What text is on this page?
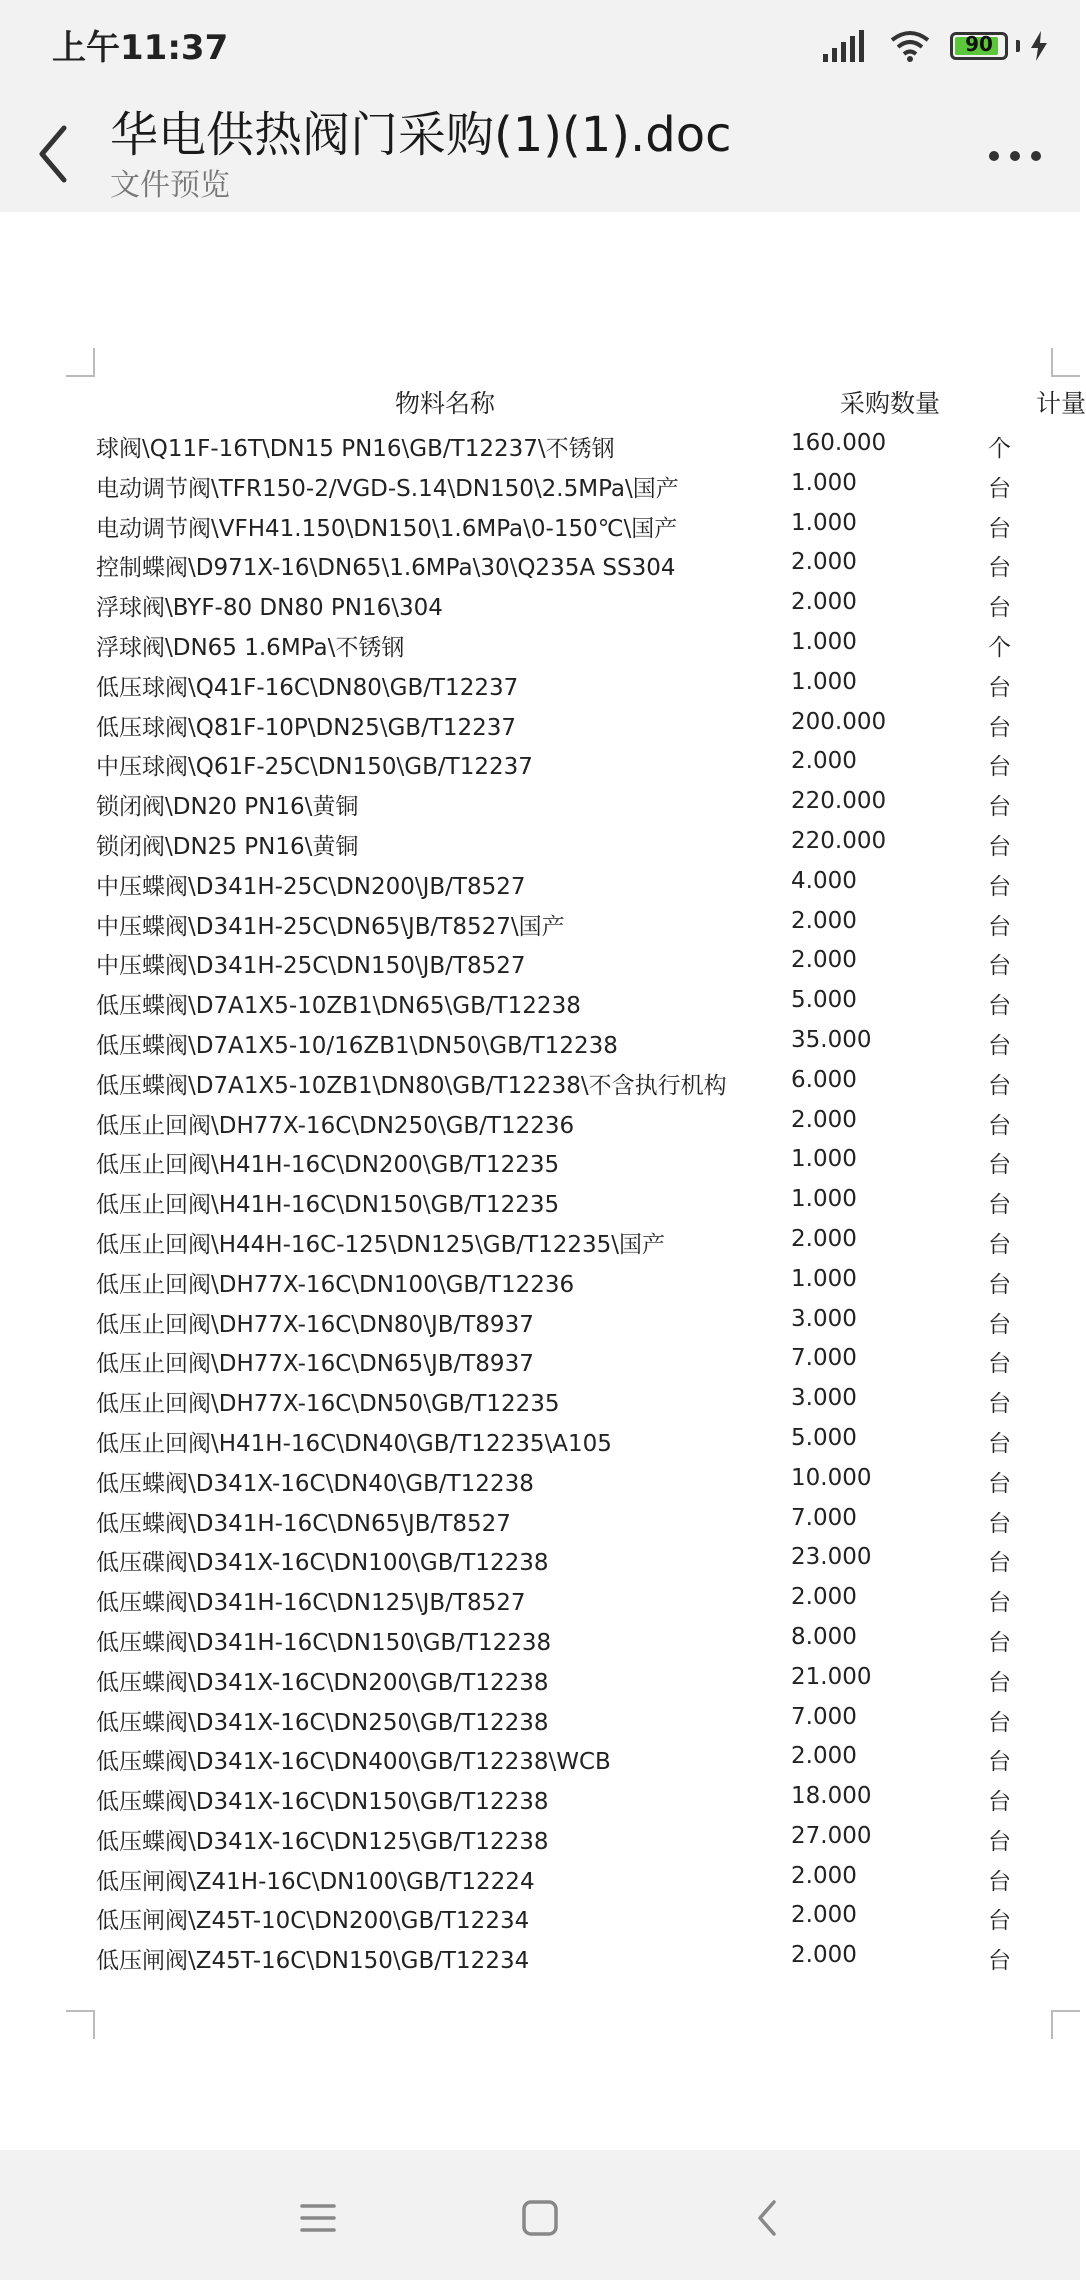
上午11:37	90
华电供热阀门采购(1)(1).doc
文件预览
物料名称	采购数量	计量
球阀\Q11F-16T\DN15 PN16\GB/T12237\不锈钢	160.000	个
电动调节阀\TFR150-2/VGD-S.14\DN150\2.5MPa\国产	1.000	台
电动调节阀\VFH41.150\DN150\1.6MPa\0-150℃\国产	1.000	台
控制蝶阀\D971X-16\DN65\1.6MPa\30\Q235A SS304	2.000	台
浮球阀\BYF-80 DN80 PN16\304	2.000	台
浮球阀\DN65 1.6MPa\不锈钢	1.000	个
低压球阀\Q41F-16C\DN80\GB/T12237	1.000	台
低压球阀\Q81F-10P\DN25\GB/T12237	200.000	台
中压球阀\Q61F-25C\DN150\GB/T12237	2.000	台
锁闭阀\DN20 PN16\黄铜	220.000	台
锁闭阀\DN25 PN16\黄铜	220.000	台
中压蝶阀\D341H-25C\DN200\JB/T8527	4.000	台
中压蝶阀\D341H-25C\DN65\JB/T8527\国产	2.000	台
中压蝶阀\D341H-25C\DN150\JB/T8527	2.000	台
低压蝶阀\D7A1X5-10ZB1\DN65\GB/T12238	5.000	台
低压蝶阀\D7A1X5-10/16ZB1\DN50\GB/T12238	35.000	台
低压蝶阀\D7A1X5-10ZB1\DN80\GB/T12238\不含执行机构	6.000	台
低压止回阀\DH77X-16C\DN250\GB/T12236	2.000	台
低压止回阀\H41H-16C\DN200\GB/T12235	1.000	台
低压止回阀\H41H-16C\DN150\GB/T12235	1.000	台
低压止回阀\H44H-16C-125\DN125\GB/T12235\国产	2.000	台
低压止回阀\DH77X-16C\DN100\GB/T12236	1.000	台
低压止回阀\DH77X-16C\DN80\JB/T8937	3.000	台
低压止回阀\DH77X-16C\DN65\JB/T8937	7.000	台
低压止回阀\DH77X-16C\DN50\GB/T12235	3.000	台
低压止回阀\H41H-16C\DN40\GB/T12235\A105	5.000	台
低压蝶阀\D341X-16C\DN40\GB/T12238	10.000	台
低压蝶阀\D341H-16C\DN65\JB/T8527	7.000	台
低压碟阀\D341X-16C\DN100\GB/T12238	23.000	台
低压蝶阀\D341H-16C\DN125\JB/T8527	2.000	台
低压蝶阀\D341H-16C\DN150\GB/T12238	8.000	台
低压蝶阀\D341X-16C\DN200\GB/T12238	21.000	台
低压蝶阀\D341X-16C\DN250\GB/T12238	7.000	台
低压蝶阀\D341X-16C\DN400\GB/T12238\WCB	2.000	台
低压蝶阀\D341X-16C\DN150\GB/T12238	18.000	台
低压蝶阀\D341X-16C\DN125\GB/T12238	27.000	台
低压闸阀\Z41H-16C\DN100\GB/T12224	2.000	台
低压闸阀\Z45T-10C\DN200\GB/T12234	2.000	台
低压闸阀\Z45T-16C\DN150\GB/T12234	2.000	台
